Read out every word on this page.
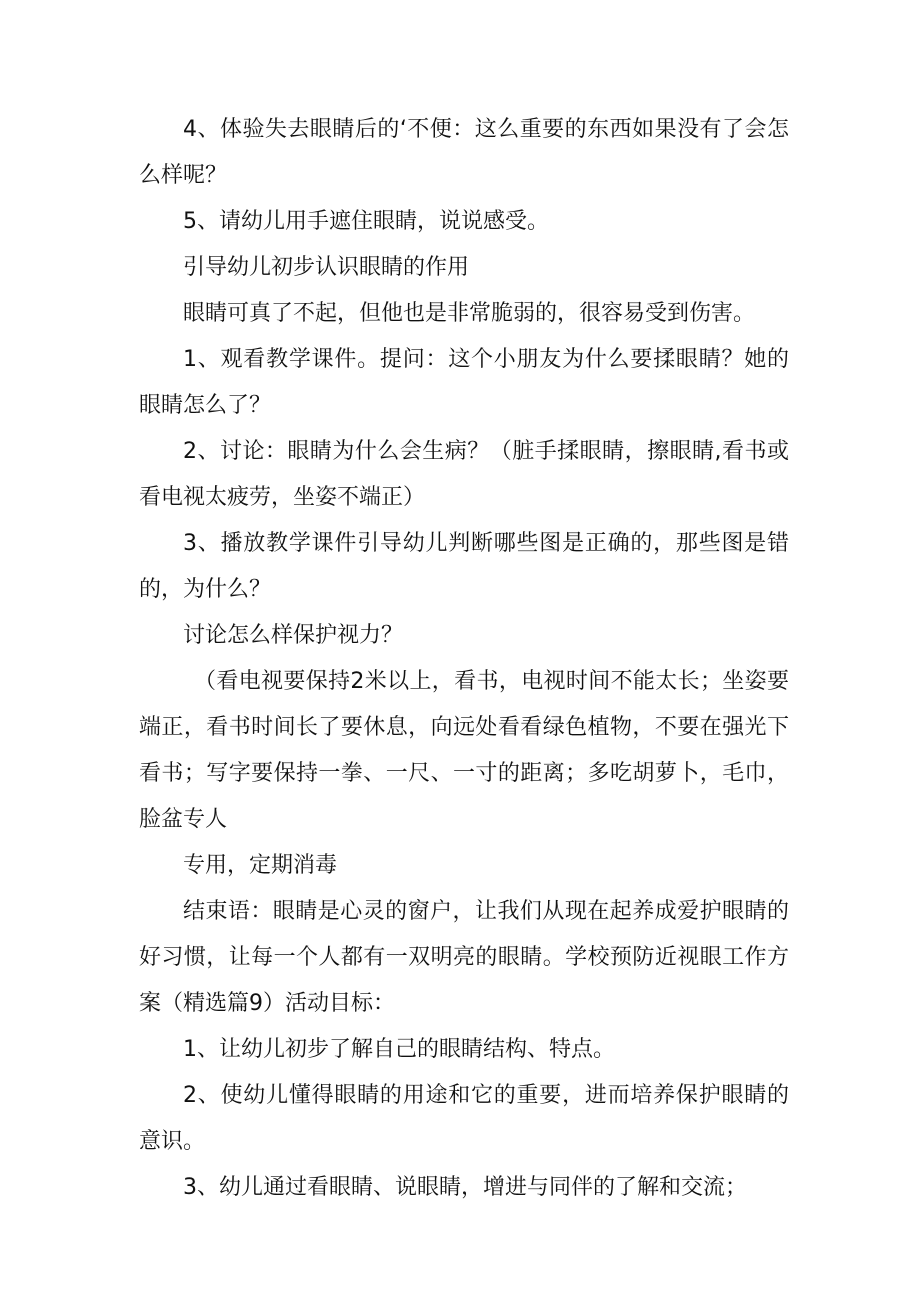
4、体验失去眼睛后的‘不便：这么重要的东西如果没有了会怎么样呢？

5、请幼儿用手遮住眼睛，说说感受。

引导幼儿初步认识眼睛的作用

眼睛可真了不起，但他也是非常脆弱的，很容易受到伤害。

1、观看教学课件。提问：这个小朋友为什么要揉眼睛？她的眼睛怎么了？

2、讨论：眼睛为什么会生病？（脏手揉眼睛，擦眼睛,看书或看电视太疲劳，坐姿不端正）

3、播放教学课件引导幼儿判断哪些图是正确的，那些图是错的，为什么？

讨论怎么样保护视力？

（看电视要保持2米以上，看书，电视时间不能太长；坐姿要端正，看书时间长了要休息，向远处看看绿色植物，不要在强光下看书；写字要保持一拳、一尺、一寸的距离；多吃胡萝卜，毛巾，脸盆专人

专用，定期消毒

结束语：眼睛是心灵的窗户，让我们从现在起养成爱护眼睛的好习惯，让每一个人都有一双明亮的眼睛。学校预防近视眼工作方案（精选篇9）活动目标：

1、让幼儿初步了解自己的眼睛结构、特点。

2、使幼儿懂得眼睛的用途和它的重要，进而培养保护眼睛的意识。

3、幼儿通过看眼睛、说眼睛，增进与同伴的了解和交流；
